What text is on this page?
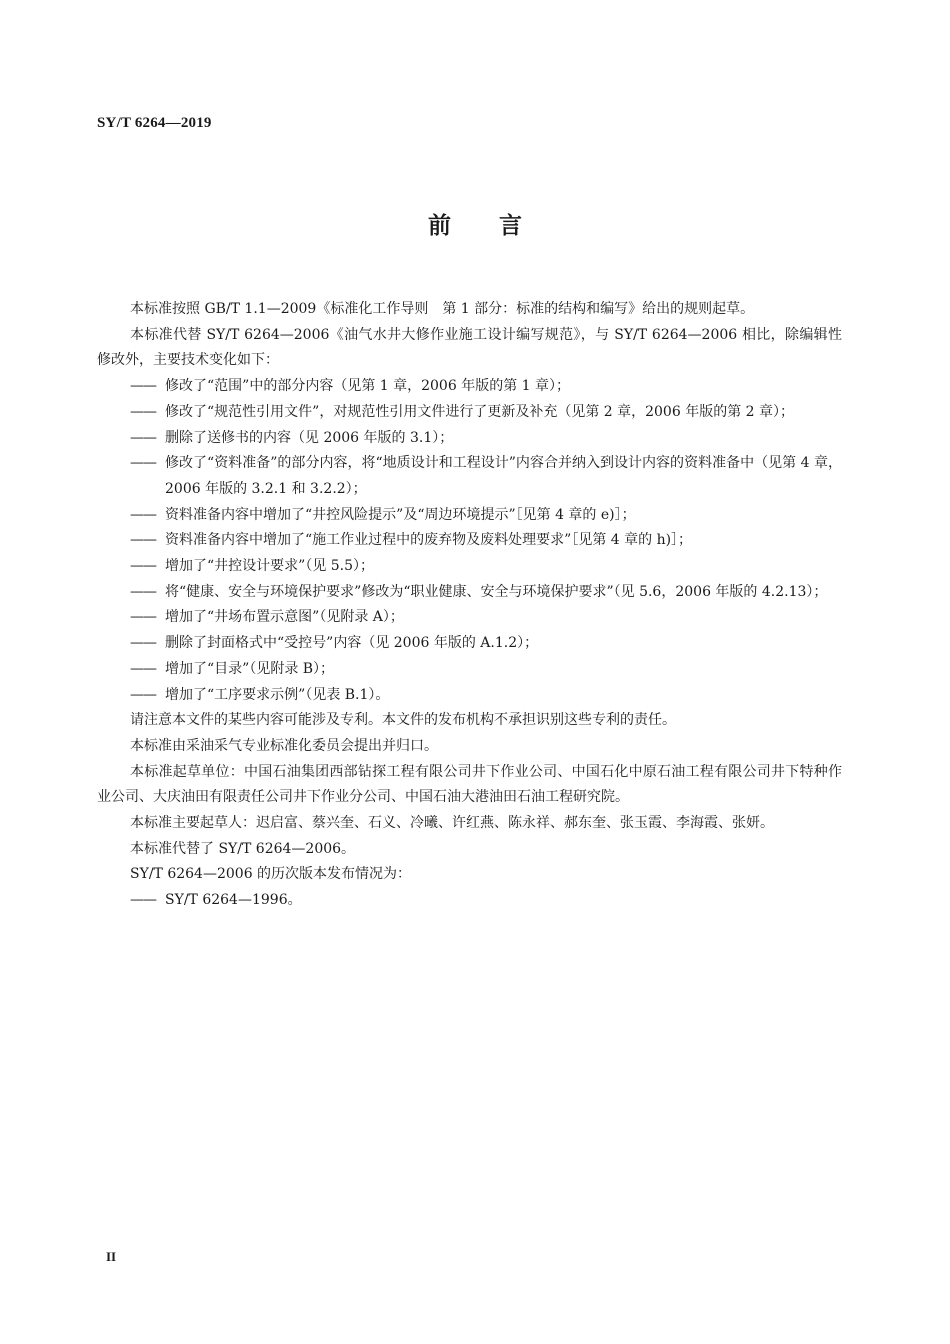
SY/T 6264—2019
前言

本标准按照 GB/T 1.1—2009《标准化工作导则　第 1 部分：标准的结构和编写》给出的规则起草。

本标准代替 SY/T 6264—2006《油气水井大修作业施工设计编写规范》，与 SY/T 6264—2006 相比，除编辑性修改外，主要技术变化如下：

—— 修改了“范围”中的部分内容（见第 1 章，2006 年版的第 1 章）；

—— 修改了“规范性引用文件”，对规范性引用文件进行了更新及补充（见第 2 章，2006 年版的第 2 章）；

—— 删除了送修书的内容（见 2006 年版的 3.1）；

—— 修改了“资料准备”的部分内容，将“地质设计和工程设计”内容合并纳入到设计内容的资料准备中（见第 4 章，2006 年版的 3.2.1 和 3.2.2）；

—— 资料准备内容中增加了“井控风险提示”及“周边环境提示”［见第 4 章的 e)］；

—— 资料准备内容中增加了“施工作业过程中的废弃物及废料处理要求”［见第 4 章的 h)］；

—— 增加了“井控设计要求”（见 5.5）；

—— 将“健康、安全与环境保护要求”修改为“职业健康、安全与环境保护要求”（见 5.6，2006 年版的 4.2.13）；

—— 增加了“井场布置示意图”（见附录 A）；

—— 删除了封面格式中“受控号”内容（见 2006 年版的 A.1.2）；

—— 增加了“目录”（见附录 B）；

—— 增加了“工序要求示例”（见表 B.1）。

请注意本文件的某些内容可能涉及专利。本文件的发布机构不承担识别这些专利的责任。

本标准由采油采气专业标准化委员会提出并归口。

本标准起草单位：中国石油集团西部钻探工程有限公司井下作业公司、中国石化中原石油工程有限公司井下特种作业公司、大庆油田有限责任公司井下作业分公司、中国石油大港油田石油工程研究院。

本标准主要起草人：迟启富、蔡兴奎、石义、冷曦、许红燕、陈永祥、郝东奎、张玉霞、李海霞、张妍。

本标准代替了 SY/T 6264—2006。

SY/T 6264—2006 的历次版本发布情况为：

—— SY/T 6264—1996。

II
